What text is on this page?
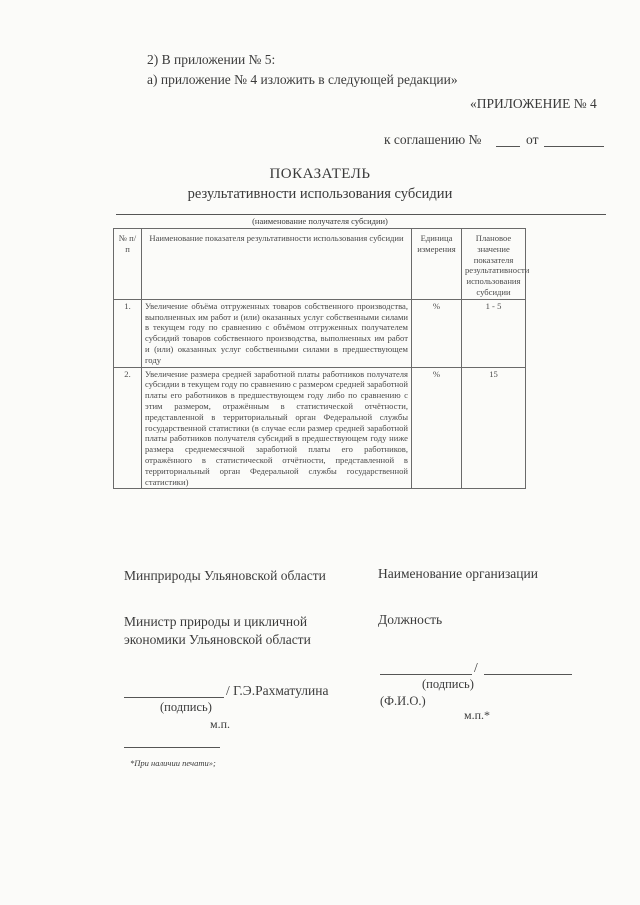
2) В приложении № 5:
а) приложение № 4 изложить в следующей редакции»
«ПРИЛОЖЕНИЕ № 4
к соглашению №	от
ПОКАЗАТЕЛЬ
результативности использования субсидии
(наименование получателя субсидии)
№ п/п	Наименование показателя результативности использования субсидии	Единица измерения	Плановое значение показателя результативности использования субсидии
1.	Увеличение объёма отгруженных товаров собственного производства, выполненных им работ и (или) оказанных услуг собственными силами в текущем году по сравнению с объёмом отгруженных получателем субсидий товаров собственного производства, выполненных им работ и (или) оказанных услуг собственными силами в предшествующем году	%	1 - 5
2.	Увеличение размера средней заработной платы работников получателя субсидии в текущем году по сравнению с размером средней заработной платы его работников в предшествующем году либо по сравнению с этим размером, отражённым в статистической отчётности, представленной в территориальный орган Федеральной службы государственной статистики (в случае если размер средней заработной платы работников получателя субсидий в предшествующем году ниже размера среднемесячной заработной платы его работников, отражённого в статистической отчётности, представленной в территориальный орган Федеральной службы государственной статистики)	%	15
Минприроды Ульяновской области
Министр природы и цикличной
экономики Ульяновской области
/ Г.Э.Рахматулина
(подпись)
м.п.
Наименование организации
Должность
/
(подпись)
(Ф.И.О.)
м.п.*
*При наличии печати»;
